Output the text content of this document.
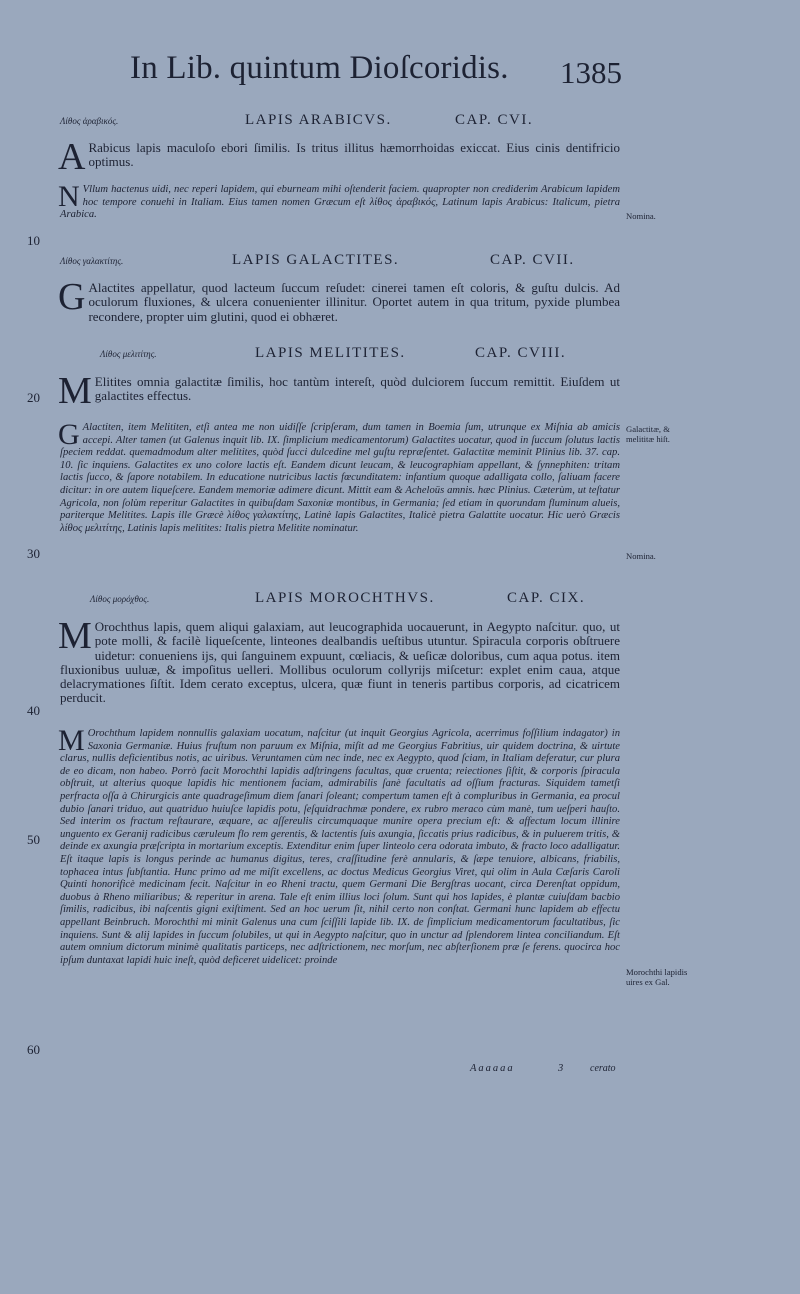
In Lib. quintum Dioſcoridis. 1385
Λίθος ἀραβικός.	LAPIS ARABICVS.	CAP. CVI.
A Rabicus lapis maculoſo ebori ſimilis. Is tritus illitus hæmorrhoidas exiccat. Eius cinis dentifricio optimus.
N Vllum hactenus uidi, nec reperi lapidem, qui eburneam mihi oſtenderit faciem. quapropter non crediderim Arabicum lapidem hoc tempore conuehi in Italiam. Eius tamen nomen Græcum eſt λίθος ἀραβικός, Latinum lapis Arabicus: Italicum, pietra Arabica.
Λίθος γαλακτίτης.	LAPIS GALACTITES.	CAP. CVII.
G Alactites appellatur, quod lacteum ſuccum reſudet: cinerei tamen eſt coloris, & guſtu dulcis. Ad oculorum fluxiones, & ulcera conuenienter illinitur. Oportet autem in qua tritum, pyxide plumbea recondere, propter uim glutini, quod ei obhæret.
Λίθος μελιτίτης.	LAPIS MELITITES.	CAP. CVIII.
M Elitites omnia galactitæ ſimilis, hoc tantùm intereſt, quòd dulciorem ſuccum remittit. Eiuſdem ut galactites effectus.
G Alactiten, item Melititen, etſi antea me non uidiſſe ſcripſeram, dum tamen in Boemia ſum, utrunque ex Miſnia ab amicis accepi. Alter tamen (ut Galenus inquit lib. IX. ſimplicium medicamentorum) Galactites uocatur, quod in ſuccum ſolutus lactis ſpeciem reddat. quemadmodum alter melitites, quòd ſucci dulcedine mel guſtu repræſentet. Galactitæ meminit Plinius lib. 37. cap. 10. ſic inquiens. Galactites ex uno colore lactis eſt. Eandem dicunt leucam, & leucographiam appellant, & ſynnephiten: tritam lactis ſucco, & ſapore notabilem. In educatione nutricibus lactis fœcunditatem: infantium quoque adalligata collo, ſaliuam facere dicitur: in ore autem liqueſcere. Eandem memoriæ adimere dicunt. Mittit eam & Acheloüs amnis. hæc Plinius. Cæterùm, ut teſtatur Agricola, non ſolùm reperitur Galactites in quibuſdam Saxoniæ montibus, in Germania; ſed etiam in quorundam fluminum alueis, pariterque Melitites. Lapis ille Græcè λίθος γαλακτίτης, Latinè lapis Galactites, Italicè pietra Galattite uocatur. Hic uerò Græcis λίθος μελιτίτης, Latinis lapis melitites: Italis pietra Melitite nominatur.
Λίθος μορόχθος.	LAPIS MOROCHTHVS.	CAP. CIX.
M Orochthus lapis, quem aliqui galaxiam, aut leucographida uocauerunt, in Aegypto naſcitur. quo, ut pote molli, & facilè liqueſcente, linteones dealbandis ueſtibus utuntur. Spiracula corporis obſtruere uidetur: conueniens ijs, qui ſanguinem expuunt, cœliacis, & ueſicæ doloribus, cum aqua potus. item fluxionibus uuluæ, & impoſitus uelleri. Mollibus oculorum collyrijs miſcetur: explet enim caua, atque delacrymationes ſiſtit. Idem cerato exceptus, ulcera, quæ fiunt in teneris partibus corporis, ad cicatricem perducit.
M Orochthum lapidem nonnullis galaxiam uocatum, naſcitur (ut inquit Georgius Agricola, acerrimus foſſilium indagator) in Saxonia Germaniæ. Huius fruſtum non paruum ex Miſnia, miſit ad me Georgius Fabritius, uir quidem doctrina, & uirtute clarus, nullis deficientibus notis, ac uiribus. Veruntamen cùm nec inde, nec ex Aegypto, quod ſciam, in Italiam deferatur, cur plura de eo dicam, non habeo. Porrò facit Morochthi lapidis adſtringens facultas, quæ cruenta; reiectiones ſiſtit, & corporis ſpiracula obſtruit, ut alterius quoque lapidis hic mentionem faciam, admirabilis ſanè facultatis ad oſſium fracturas. Siquidem tametſi perfracta oſſa à Chirurgicis ante quadrageſimum diem ſanari ſoleant; compertum tamen eſt à compluribus in Germania, ea procul dubio ſanari triduo, aut quatriduo huiuſce lapidis potu, ſeſquidrachmæ pondere, ex rubro meraco cùm manè, tum ueſperi hauſto. Sed interim os fractum reſtaurare, æquare, ac aſſereulis circumquaque munire opera precium eſt: & affectum locum illinire unguento ex Geranij radicibus cæruleum flo rem gerentis, & lactentis ſuis axungia, ſiccatis prius radicibus, & in puluerem tritis, & deinde ex axungia præſcripta in mortarium exceptis. Extenditur enim ſuper linteolo cera odorata imbuto, & fracto loco adalligatur. Eſt itaque lapis is longus perinde ac humanus digitus, teres, craſſitudine ferè annularis, & ſæpe tenuiore, albicans, friabilis, tophacea intus ſubſtantia. Hunc primo ad me miſit excellens, ac doctus Medicus Georgius Viret, qui olim in Aula Cæſaris Caroli Quinti honorificè medicinam fecit. Naſcitur in eo Rheni tractu, quem Germani Die Bergſtras uocant, circa Derenſtat oppidum, duobus à Rheno miliaribus; & reperitur in arena. Tale eſt enim illius loci ſolum. Sunt qui hos lapides, è plantæ cuiuſdam bacbio ſimilis, radicibus, ibi naſcentis gigni exiſtiment. Sed an hoc uerum ſit, nihil certo non conſtat. Germani hunc lapidem ab effectu appellant Beinbruch. Morochthi mi minit Galenus una cum ſciſſili lapide lib. IX. de ſimplicium medicamentorum facultatibus, ſic inquiens. Sunt & alij lapides in ſuccum ſolubiles, ut qui in Aegypto naſcitur, quo in unctur ad ſplendorem lintea conciliandum. Eſt autem omnium dictorum minimè qualitatis particeps, nec adſtrictionem, nec morſum, nec abſterſionem præ ſe ferens. quocirca hoc ipſum duntaxat lapidi huic ineſt, quòd deficeret uidelicet: proinde
Nomina.
Galactitæ, & melititæ hiſt.
Nomina.
Morochthi lapidis uires ex Gal.
10
20
30
40
50
60
Aaaaaa	3	cerato
